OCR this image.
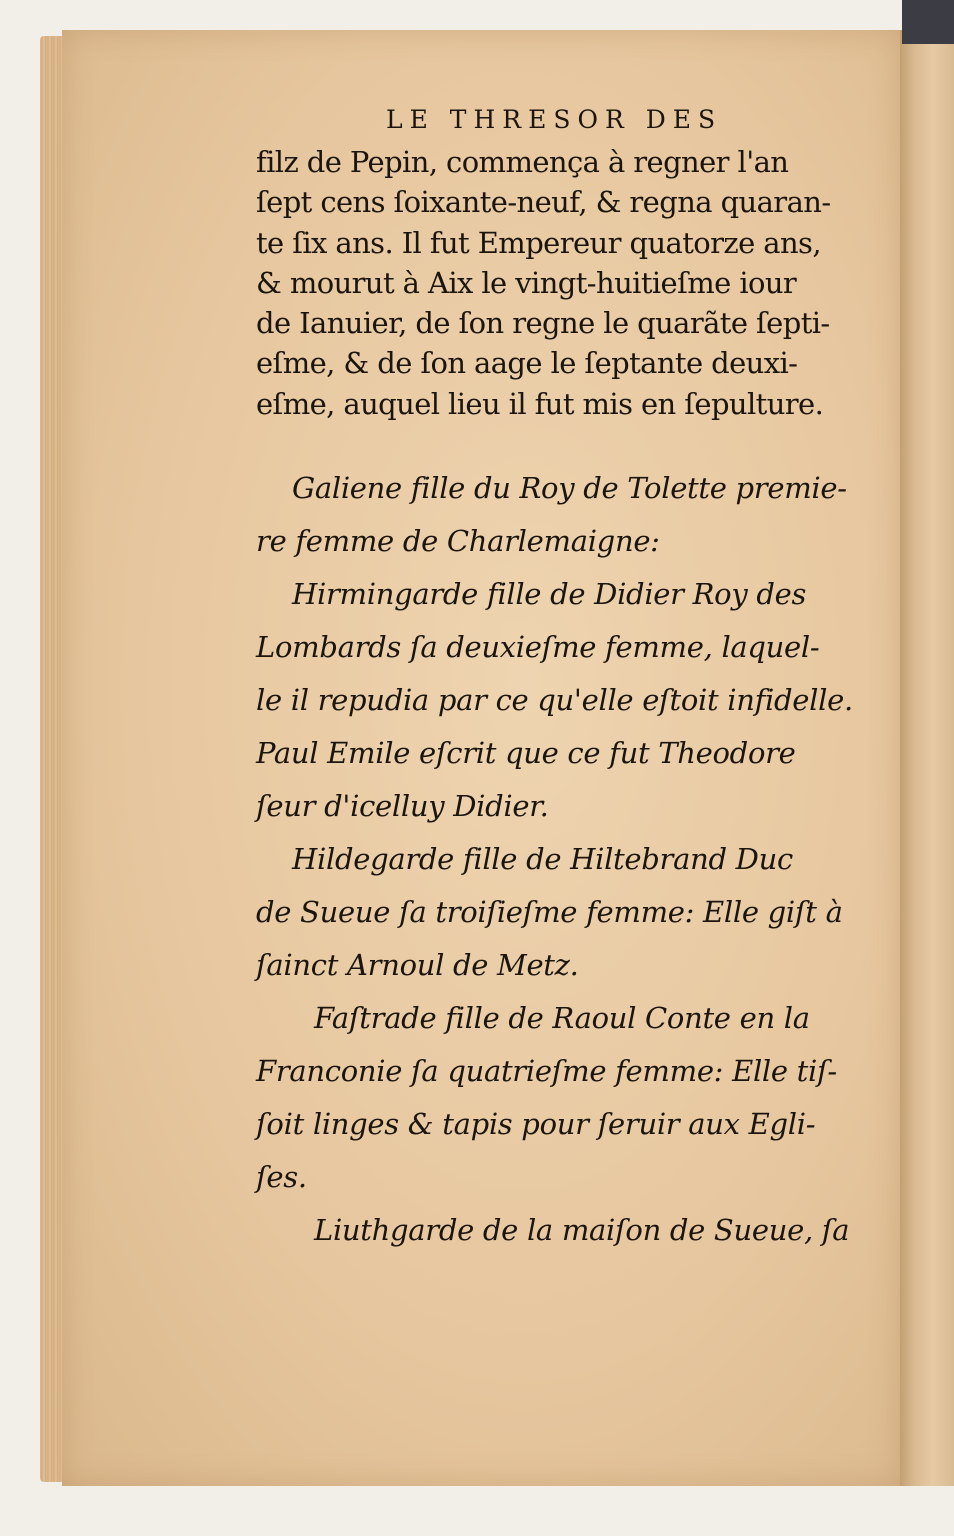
LE THRESOR DES

filz de Pepin, commença à regner l'an

ſept cens ſoixante-neuf, & regna quaran-

te ſix ans. Il fut Empereur quatorze ans,

& mourut à Aix le vingt-huitieſme iour

de Ianuier, de ſon regne le quarãte ſepti-

eſme, & de ſon aage le ſeptante deuxi-

eſme, auquel lieu il fut mis en ſepulture.

Galiene fille du Roy de Tolette premie-

re femme de Charlemaigne:

Hirmingarde fille de Didier Roy des

Lombards ſa deuxieſme femme, laquel-

le il repudia par ce qu'elle eſtoit infidelle.

Paul Emile eſcrit que ce fut Theodore

ſeur d'icelluy Didier.

Hildegarde fille de Hiltebrand Duc

de Sueue ſa troiſieſme femme: Elle giſt à

ſainct Arnoul de Metz.

Faſtrade fille de Raoul Conte en la

Franconie ſa quatrieſme femme: Elle tiſ-

ſoit linges & tapis pour ſeruir aux Egli-

ſes.

Liuthgarde de la maiſon de Sueue, ſa
